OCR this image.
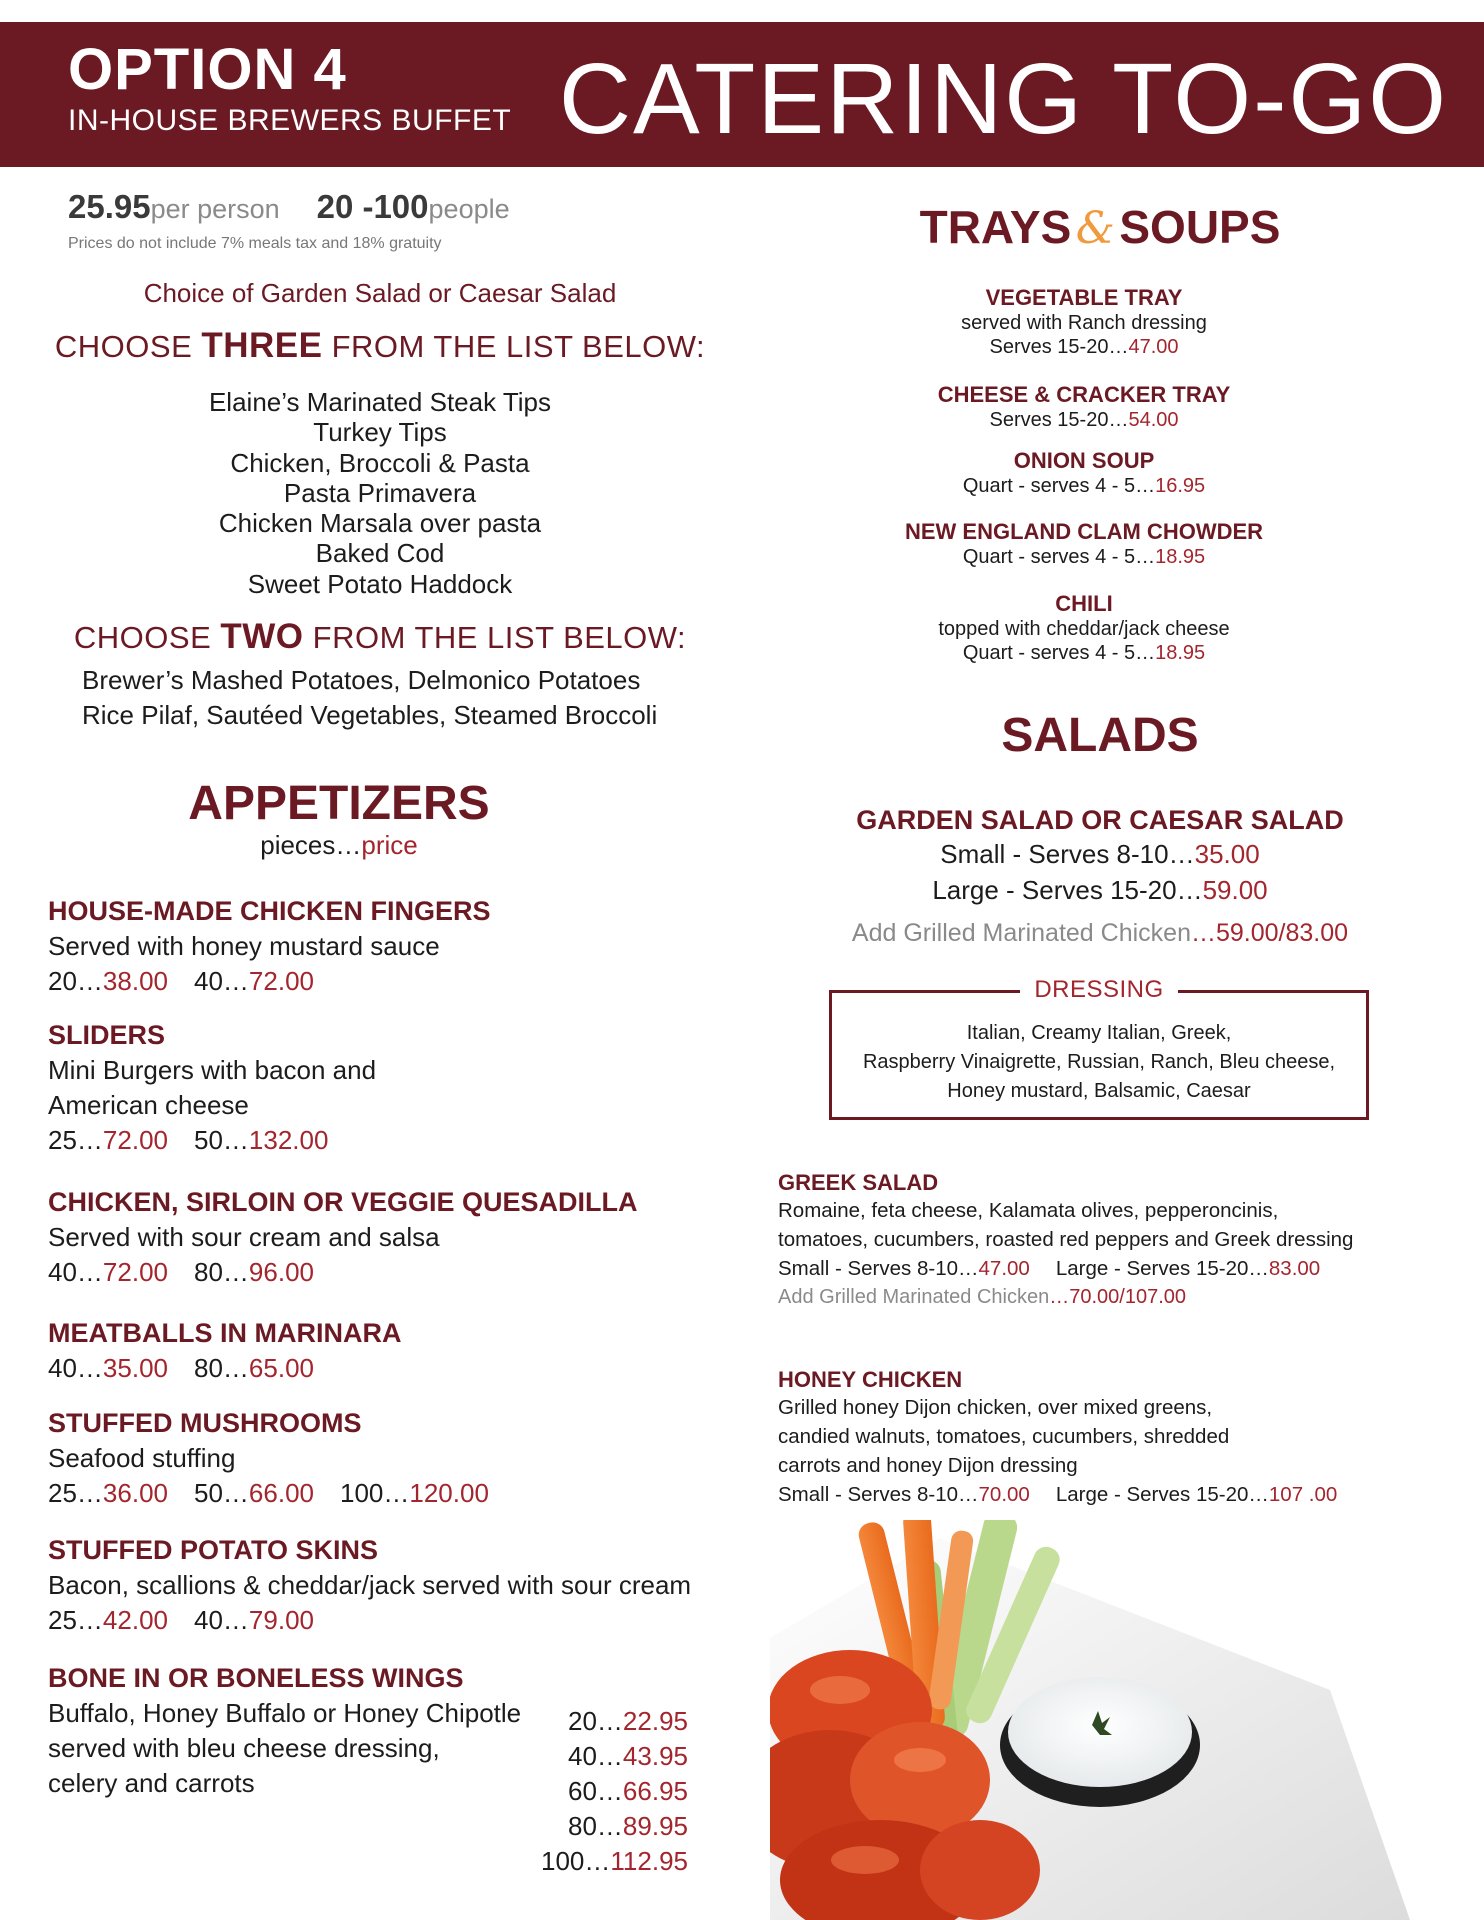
OPTION 4
IN-HOUSE BREWERS BUFFET CATERING TO-GO
25.95per person 20 -100people
Prices do not include 7% meals tax and 18% gratuity
Choice of Garden Salad or Caesar Salad
CHOOSE THREE FROM THE LIST BELOW:
Elaine’s Marinated Steak Tips
Turkey Tips
Chicken, Broccoli & Pasta
Pasta Primavera
Chicken Marsala over pasta
Baked Cod
Sweet Potato Haddock
CHOOSE TWO FROM THE LIST BELOW:
Brewer’s Mashed Potatoes, Delmonico Potatoes
Rice Pilaf, Sautéed Vegetables, Steamed Broccoli
APPETIZERS
pieces…price
HOUSE-MADE CHICKEN FINGERS
Served with honey mustard sauce
20…38.00 40…72.00
SLIDERS
Mini Burgers with bacon and
American cheese
25…72.00 50…132.00
CHICKEN, SIRLOIN OR VEGGIE QUESADILLA
Served with sour cream and salsa
40…72.00 80…96.00
MEATBALLS IN MARINARA
40…35.00 80…65.00
STUFFED MUSHROOMS
Seafood stuffing
25…36.00 50…66.00 100…120.00
STUFFED POTATO SKINS
Bacon, scallions & cheddar/jack served with sour cream
25…42.00 40…79.00
BONE IN OR BONELESS WINGS
Buffalo, Honey Buffalo or Honey Chipotle
served with bleu cheese dressing,
celery and carrots
20…22.95
40…43.95
60…66.95
80…89.95
100…112.95
TRAYS & SOUPS
VEGETABLE TRAY
served with Ranch dressing
Serves 15-20…47.00
CHEESE & CRACKER TRAY
Serves 15-20…54.00
ONION SOUP
Quart - serves 4 - 5…16.95
NEW ENGLAND CLAM CHOWDER
Quart - serves 4 - 5…18.95
CHILI
topped with cheddar/jack cheese
Quart - serves 4 - 5…18.95
SALADS
GARDEN SALAD OR CAESAR SALAD
Small - Serves 8-10…35.00
Large - Serves 15-20…59.00
Add Grilled Marinated Chicken…59.00/83.00
DRESSING
Italian, Creamy Italian, Greek,
Raspberry Vinaigrette, Russian, Ranch, Bleu cheese,
Honey mustard, Balsamic, Caesar
GREEK SALAD
Romaine, feta cheese, Kalamata olives, pepperoncinis,
tomatoes, cucumbers, roasted red peppers and Greek dressing
Small - Serves 8-10…47.00 Large - Serves 15-20…83.00
Add Grilled Marinated Chicken…70.00/107.00
HONEY CHICKEN
Grilled honey Dijon chicken, over mixed greens,
candied walnuts, tomatoes, cucumbers, shredded
carrots and honey Dijon dressing
Small - Serves 8-10…70.00 Large - Serves 15-20…107 .00
